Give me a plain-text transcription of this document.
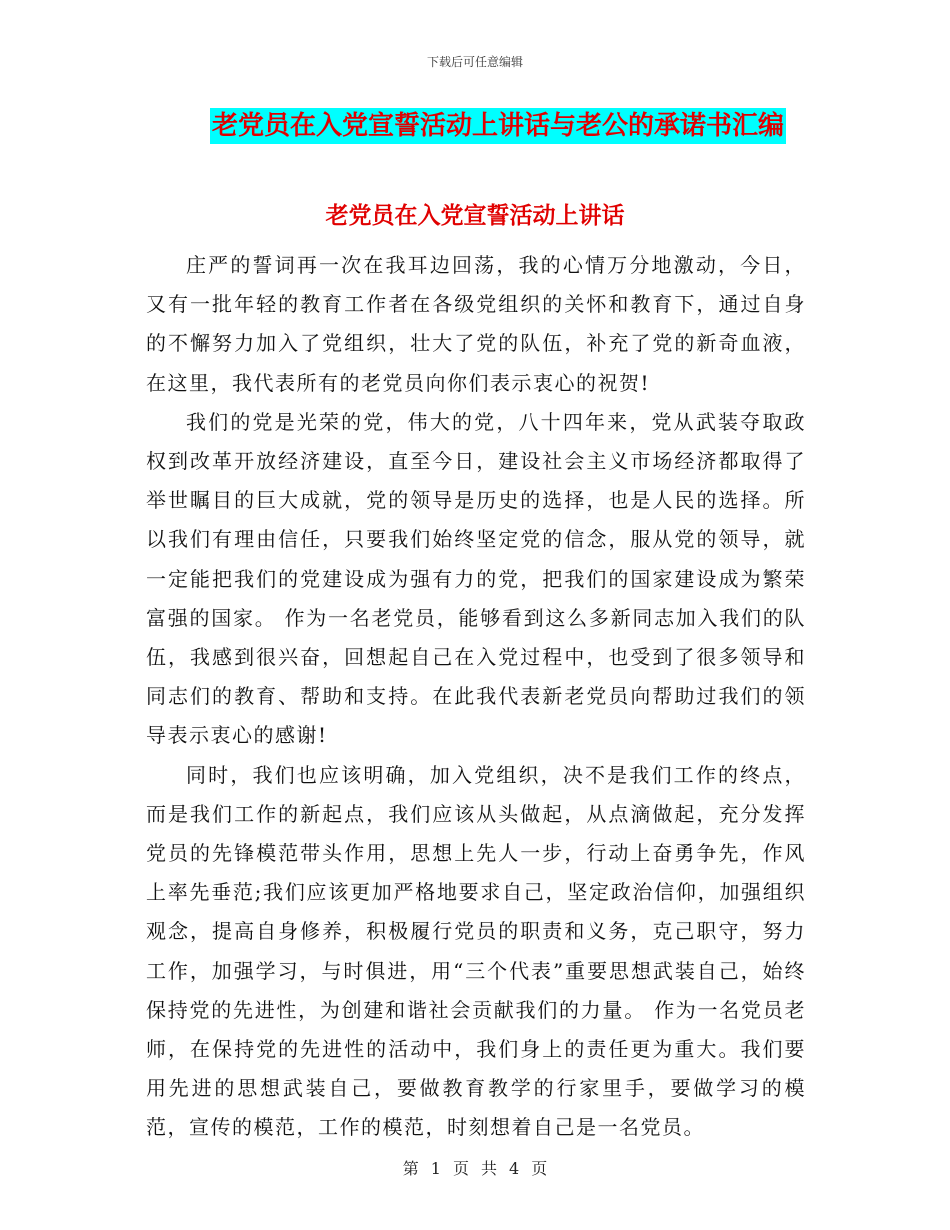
下载后可任意编辑
老党员在入党宣誓活动上讲话与老公的承诺书汇编
老党员在入党宣誓活动上讲话

庄严的誓词再一次在我耳边回荡，我的心情万分地激动，今日，又有一批年轻的教育工作者在各级党组织的关怀和教育下，通过自身的不懈努力加入了党组织，壮大了党的队伍，补充了党的新奇血液，在这里，我代表所有的老党员向你们表示衷心的祝贺!

我们的党是光荣的党，伟大的党，八十四年来，党从武装夺取政权到改革开放经济建设，直至今日，建设社会主义市场经济都取得了举世瞩目的巨大成就，党的领导是历史的选择，也是人民的选择。所以我们有理由信任，只要我们始终坚定党的信念，服从党的领导，就一定能把我们的党建设成为强有力的党，把我们的国家建设成为繁荣富强的国家。 作为一名老党员，能够看到这么多新同志加入我们的队伍，我感到很兴奋，回想起自己在入党过程中，也受到了很多领导和同志们的教育、帮助和支持。在此我代表新老党员向帮助过我们的领导表示衷心的感谢!

同时，我们也应该明确，加入党组织，决不是我们工作的终点，而是我们工作的新起点，我们应该从头做起，从点滴做起，充分发挥党员的先锋模范带头作用，思想上先人一步，行动上奋勇争先，作风上率先垂范;我们应该更加严格地要求自己，坚定政治信仰，加强组织观念，提高自身修养，积极履行党员的职责和义务，克己职守，努力工作，加强学习，与时俱进，用“三个代表”重要思想武装自己，始终保持党的先进性，为创建和谐社会贡献我们的力量。 作为一名党员老师，在保持党的先进性的活动中，我们身上的责任更为重大。我们要用先进的思想武装自己，要做教育教学的行家里手，要做学习的模范，宣传的模范，工作的模范，时刻想着自己是一名党员。

第 1 页 共 4 页
